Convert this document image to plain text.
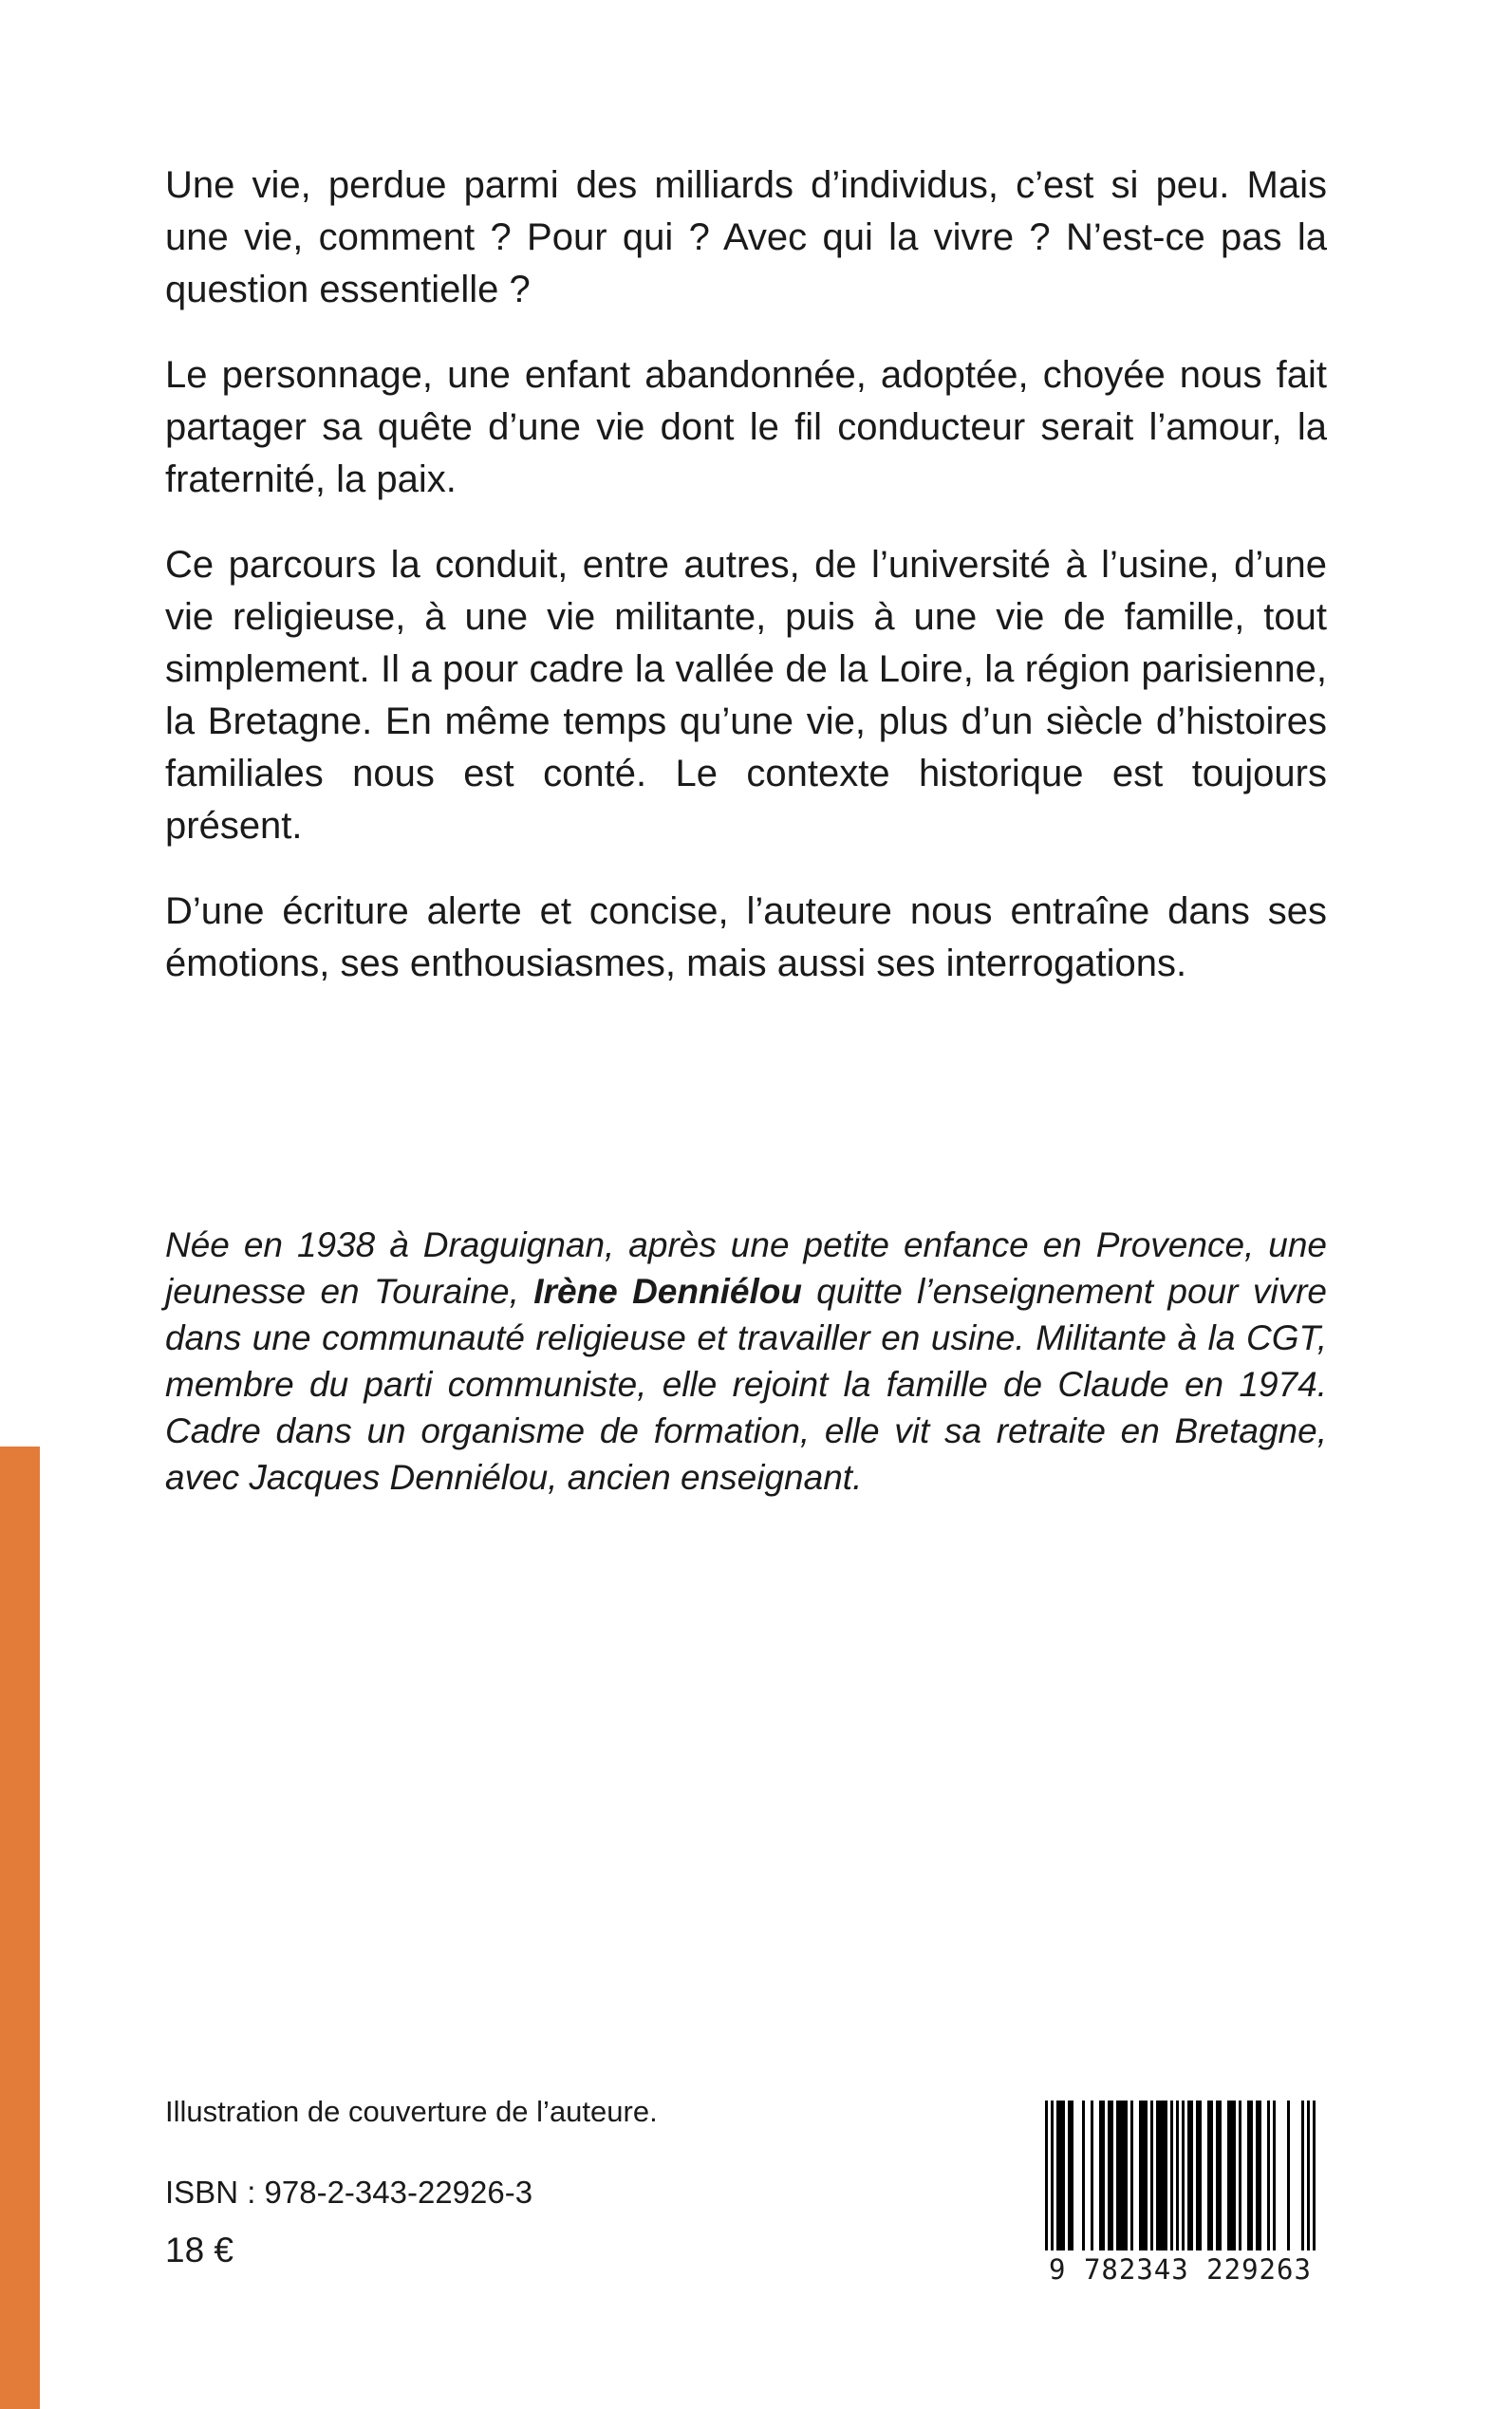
Une vie, perdue parmi des milliards d’individus, c’est si peu. Mais une vie, comment ? Pour qui ? Avec qui la vivre ? N’est-ce pas la question essentielle ?

Le personnage, une enfant abandonnée, adoptée, choyée nous fait partager sa quête d’une vie dont le fil conducteur serait l’amour, la fraternité, la paix.

Ce parcours la conduit, entre autres, de l’université à l’usine, d’une vie religieuse, à une vie militante, puis à une vie de famille, tout simplement. Il a pour cadre la vallée de la Loire, la région parisienne, la Bretagne. En même temps qu’une vie, plus d’un siècle d’histoires familiales nous est conté. Le contexte historique est toujours présent.

D’une écriture alerte et concise, l’auteure nous entraîne dans ses émotions, ses enthousiasmes, mais aussi ses interrogations.

Née en 1938 à Draguignan, après une petite enfance en Provence, une jeunesse en Touraine, Irène Denniélou quitte l’enseignement pour vivre dans une communauté religieuse et travailler en usine. Militante à la CGT, membre du parti communiste, elle rejoint la famille de Claude en 1974. Cadre dans un organisme de formation, elle vit sa retraite en Bretagne, avec Jacques Denniélou, ancien enseignant.

Illustration de couverture de l’auteure.
ISBN : 978-2-343-22926-3
18 €	9 782343 229263
